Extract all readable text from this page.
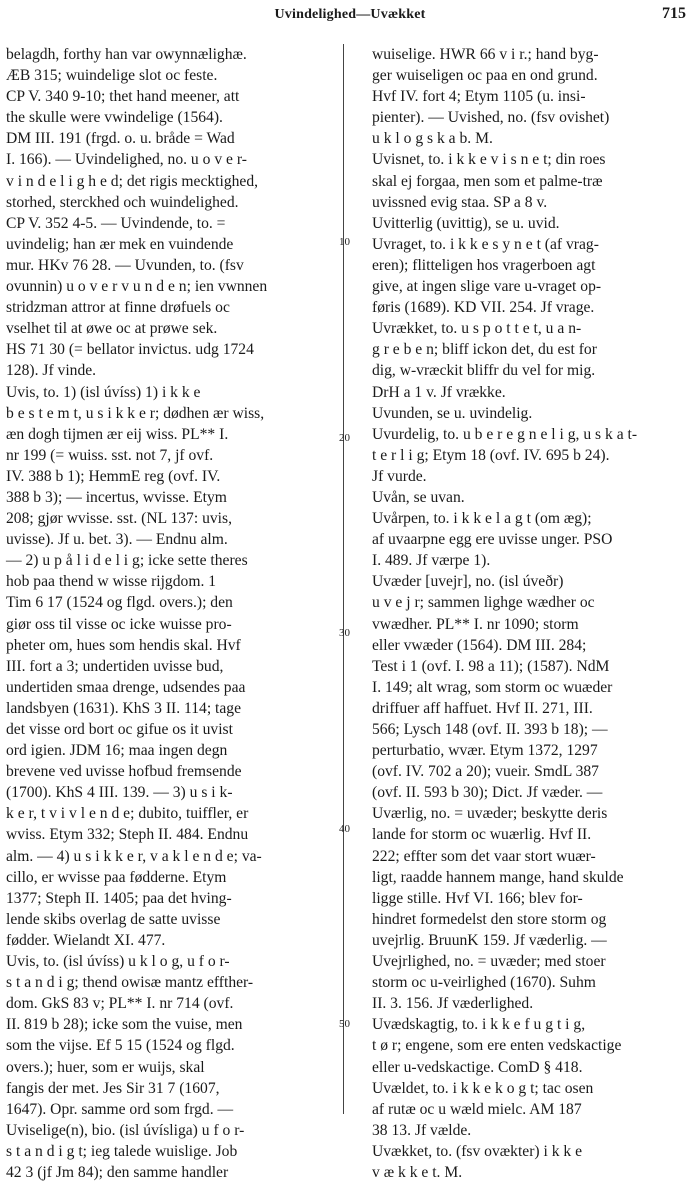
Uvindelighed—Uvækket	715
belagdh, forthy han var owynnælighæ.
ÆB 315; wuindelige slot oc feste.
CP V. 340 9-10; thet hand meener, att
the skulle were vwindelige (1564).
DM III. 191 (frgd. o. u. bråde = Wad
I. 166). — Uvindelighed, no. u o v e r-
v i n d e l i g h e d; det rigis mecktighed,
storhed, sterckhed och wuindelighed.
CP V. 352 4-5. — Uvindende, to. =
uvindelig; han ær mek en vuindende
mur. HKv 76 28. — Uvunden, to. (fsv
ovunnin) u o v e r v u n d e n; ien vwnnen
stridzman attror at finne drøfuels oc
vselhet til at øwe oc at prøwe sek.
HS 71 30 (= bellator invictus. udg 1724
128). Jf vinde.
Uvis, to. 1) (isl úvíss) 1) i k k e
b e s t e m t, u s i k k e r; dødhen ær wiss,
æn dogh tijmen ær eij wiss. PL** I.
nr 199 (= wuiss. sst. not 7, jf ovf.
IV. 388 b 1); HemmE reg (ovf. IV.
388 b 3); — incertus, wvisse. Etym
208; gjør wvisse. sst. (NL 137: uvis,
uvisse). Jf u. bet. 3). — Endnu alm.
— 2) u p å l i d e l i g; icke sette theres
hob paa thend w wisse rijgdom. 1
Tim 6 17 (1524 og flgd. overs.); den
giør oss til visse oc icke wuisse pro-
pheter om, hues som hendis skal. Hvf
III. fort a 3; undertiden uvisse bud,
undertiden smaa drenge, udsendes paa
landsbyen (1631). KhS 3 II. 114; tage
det visse ord bort oc gifue os it uvist
ord igien. JDM 16; maa ingen degn
brevene ved uvisse hofbud fremsende
(1700). KhS 4 III. 139. — 3) u s i k-
k e r, t v i v l e n d e; dubito, tuiffler, er
wviss. Etym 332; Steph II. 484. Endnu
alm. — 4) u s i k k e r, v a k l e n d e; va-
cillo, er wvisse paa fødderne. Etym
1377; Steph II. 1405; paa det hving-
lende skibs overlag de satte uvisse
fødder. Wielandt XI. 477.
Uvis, to. (isl úvíss) u k l o g, u f o r-
s t a n d i g; thend owisæ mantz effther-
dom. GkS 83 v; PL** I. nr 714 (ovf.
II. 819 b 28); icke som the vuise, men
som the vijse. Ef 5 15 (1524 og flgd.
overs.); huer, som er wuijs, skal
fangis der met. Jes Sir 31 7 (1607,
1647). Opr. samme ord som frgd. —
Uviselige(n), bio. (isl úvísliga) u f o r-
s t a n d i g t; ieg talede wuislige. Job
42 3 (jf Jm 84); den samme handler
wuiselige. HWR 66 v i r.; hand byg-
ger wuiseligen oc paa en ond grund.
Hvf IV. fort 4; Etym 1105 (u. insi-
pienter). — Uvished, no. (fsv ovishet)
u k l o g s k a b. M.
Uvisnet, to. i k k e v i s n e t; din roes
skal ej forgaa, men som et palme-træ
uvissned evig staa. SP a 8 v.
Uvitterlig (uvittig), se u. uvid.
Uvraget, to. i k k e s y n e t (af vrag-
eren); flitteligen hos vragerboen agt
give, at ingen slige vare u-vraget op-
føris (1689). KD VII. 254. Jf vrage.
Uvrækket, to. u s p o t t e t, u a n-
g r e b e n; bliff ickon det, du est for
dig, w-vræckit bliffr du vel for mig.
DrH a 1 v. Jf vrække.
Uvunden, se u. uvindelig.
Uvurdelig, to. u b e r e g n e l i g, u s k a t-
t e r l i g; Etym 18 (ovf. IV. 695 b 24).
Jf vurde.
Uvån, se uvan.
Uvårpen, to. i k k e l a g t (om æg);
af uvaarpne egg ere uvisse unger. PSO
I. 489. Jf værpe 1).
Uvæder [uvejr], no. (isl úveðr)
u v e j r; sammen lighge wædher oc
vwædher. PL** I. nr 1090; storm
eller vwæder (1564). DM III. 284;
Test i 1 (ovf. I. 98 a 11); (1587). NdM
I. 149; alt wrag, som storm oc wuæder
driffuer aff haffuet. Hvf II. 271, III.
566; Lysch 148 (ovf. II. 393 b 18); —
perturbatio, wvær. Etym 1372, 1297
(ovf. IV. 702 a 20); vueir. SmdL 387
(ovf. II. 593 b 30); Dict. Jf væder. —
Uværlig, no. = uvæder; beskytte deris
lande for storm oc wuærlig. Hvf II.
222; effter som det vaar stort wuær-
ligt, raadde hannem mange, hand skulde
ligge stille. Hvf VI. 166; blev for-
hindret formedelst den store storm og
uvejrlig. BruunK 159. Jf væderlig. —
Uvejrlighed, no. = uvæder; med stoer
storm oc u-veirlighed (1670). Suhm
II. 3. 156. Jf væderlighed.
Uvædskagtig, to. i k k e f u g t i g,
t ø r; engene, som ere enten vedskactige
eller u-vedskactige. ComD § 418.
Uvældet, to. i k k e k o g t; tac osen
af rutæ oc u wæld mielc. AM 187
38 13. Jf vælde.
Uvækket, to. (fsv ovækter) i k k e
v æ k k e t. M.
10
20
30
40
50
